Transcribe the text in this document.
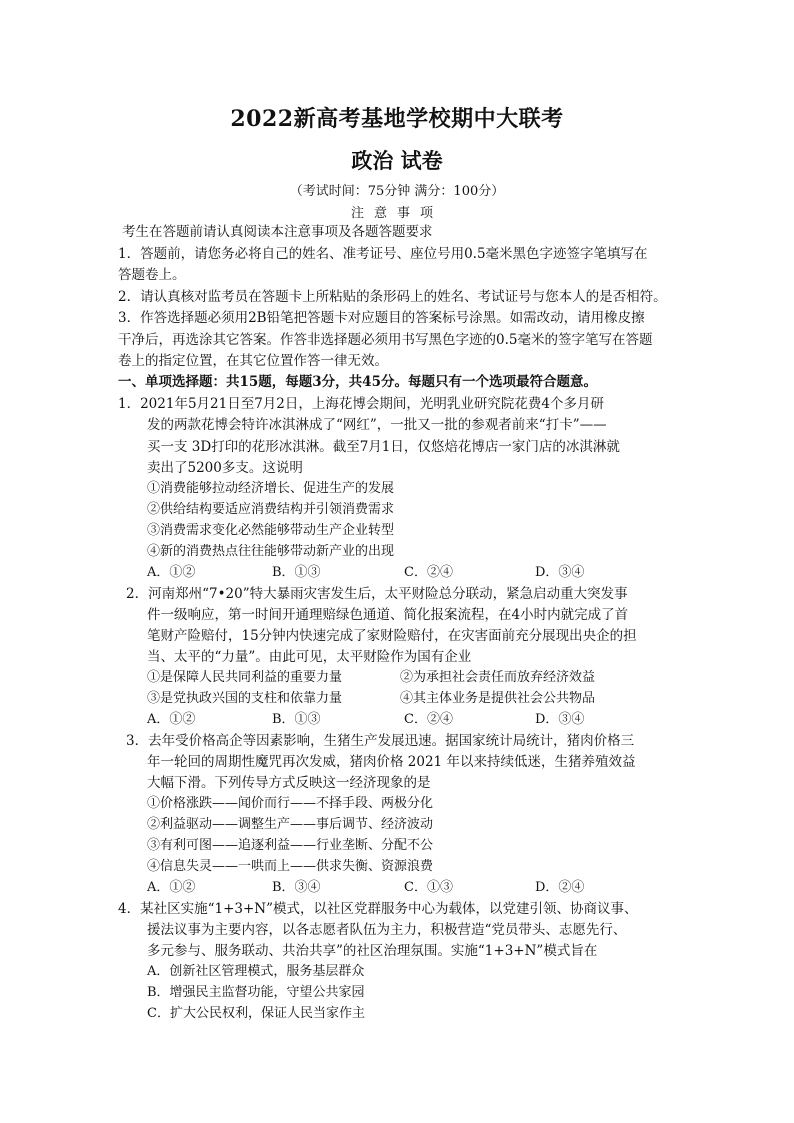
2022新高考基地学校期中大联考
政治 试卷
（考试时间：75分钟 满分：100分）
注意事项
考生在答题前请认真阅读本注意事项及各题答题要求
1．答题前，请您务必将自己的姓名、准考证号、座位号用0.5毫米黑色字迹签字笔填写在
答题卷上。
2．请认真核对监考员在答题卡上所粘贴的条形码上的姓名、考试证号与您本人的是否相符。
3．作答选择题必须用2B铅笔把答题卡对应题目的答案标号涂黑。如需改动，请用橡皮擦
干净后，再选涂其它答案。作答非选择题必须用书写黑色字迹的0.5毫米的签字笔写在答题
卷上的指定位置，在其它位置作答一律无效。
一、单项选择题：共15题，每题3分，共45分。每题只有一个选项最符合题意。
1．2021年5月21日至7月2日，上海花博会期间，光明乳业研究院花费4个多月研
发的两款花博会特许冰淇淋成了“网红”，一批又一批的参观者前来“打卡”——
买一支 3D打印的花形冰淇淋。截至7月1日，仅悠焙花博店一家门店的冰淇淋就
卖出了5200多支。这说明
①消费能够拉动经济增长、促进生产的发展
②供给结构要适应消费结构并引领消费需求
③消费需求变化必然能够带动生产企业转型
④新的消费热点往往能够带动新产业的出现
A．①②	B．①③	C．②④	D．③④
2．河南郑州“7•20”特大暴雨灾害发生后，太平财险总分联动，紧急启动重大突发事
件一级响应，第一时间开通理赔绿色通道、简化报案流程，在4小时内就完成了首
笔财产险赔付，15分钟内快速完成了家财险赔付，在灾害面前充分展现出央企的担
当、太平的“力量”。由此可见，太平财险作为国有企业
①是保障人民共同利益的重要力量	②为承担社会责任而放弃经济效益
③是党执政兴国的支柱和依靠力量	④其主体业务是提供社会公共物品
A．①②	B．①③	C．②④	D．③④
3．去年受价格高企等因素影响，生猪生产发展迅速。据国家统计局统计，猪肉价格三
年一轮回的周期性魔咒再次发威，猪肉价格 2021 年以来持续低迷，生猪养殖效益
大幅下滑。下列传导方式反映这一经济现象的是
①价格涨跌——闻价而行——不择手段、两极分化
②利益驱动——调整生产——事后调节、经济波动
③有利可图——追逐利益——行业垄断、分配不公
④信息失灵——一哄而上——供求失衡、资源浪费
A．①②	B．③④	C．①③	D．②④
4．某社区实施“1+3+N”模式，以社区党群服务中心为载体，以党建引领、协商议事、
援法议事为主要内容，以各志愿者队伍为主力，积极营造“党员带头、志愿先行、
多元参与、服务联动、共治共享”的社区治理氛围。实施“1+3+N”模式旨在
A．创新社区管理模式，服务基层群众
B．增强民主监督功能，守望公共家园
C．扩大公民权利，保证人民当家作主
